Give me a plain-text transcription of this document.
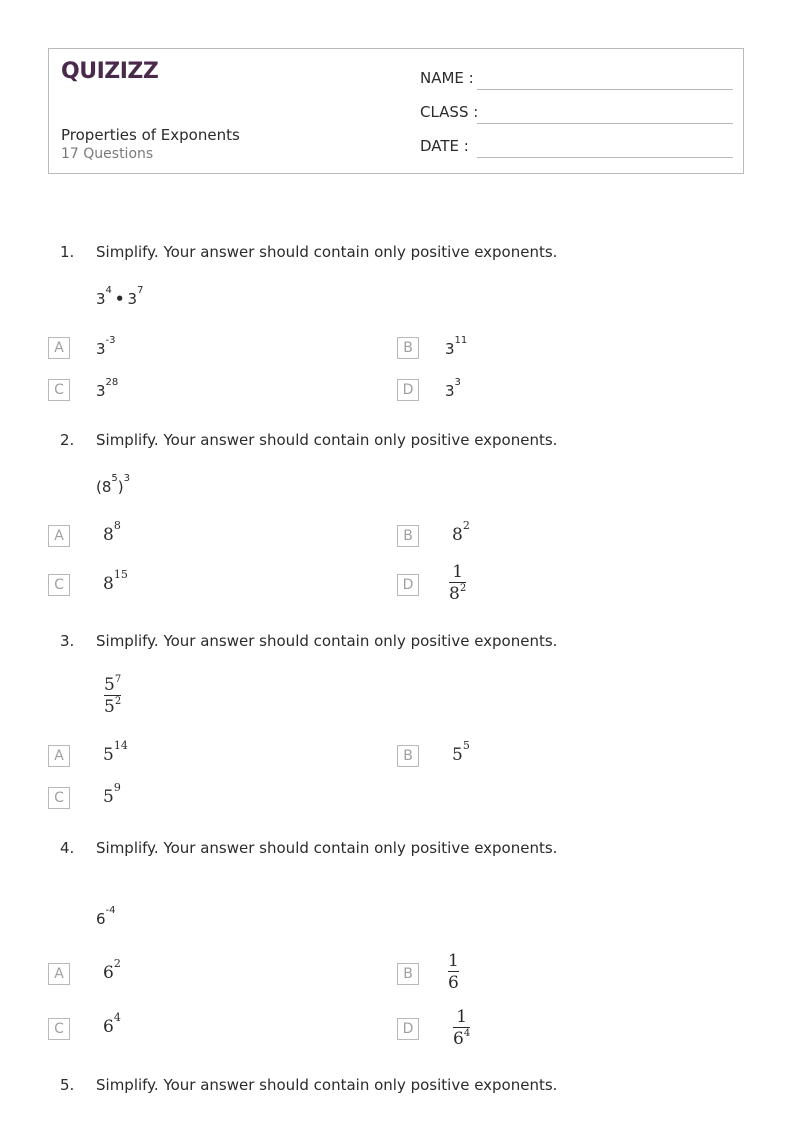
QUIZIZZ
Properties of Exponents
17 Questions
NAME :
CLASS :
DATE :
1. Simplify. Your answer should contain only positive exponents.
$3^4$ • $3^7$
A	$3^{-3}$	B	$3^{11}$
C	$3^{28}$	D	$3^3$
2. Simplify. Your answer should contain only positive exponents.
$(8^5)^3$
A	$8^8$
B	$8^2$
C	$8^{15}$
D
1
$8^2$
3. Simplify. Your answer should contain only positive exponents.
$5^7$
$5^2$
A	$5^{14}$
B	$5^5$
C	$5^9$
4. Simplify. Your answer should contain only positive exponents.
$6^{-4}$
A	$6^2$
B
1
6
C	$6^4$
D
1
$6^4$
5. Simplify. Your answer should contain only positive exponents.
